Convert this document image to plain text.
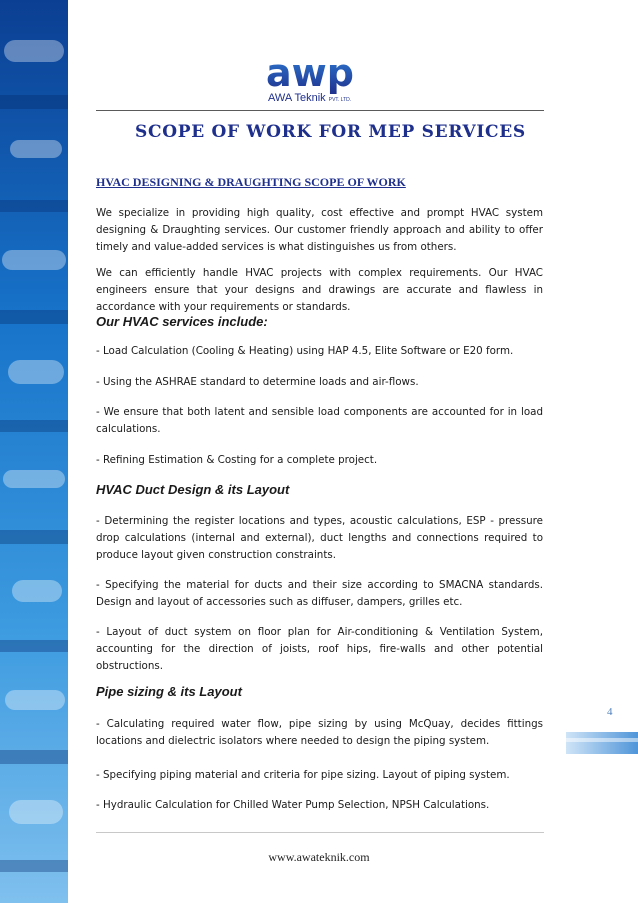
awp
AWA Teknik PVT. LTD.
SCOPE OF WORK FOR MEP SERVICES
HVAC DESIGNING & DRAUGHTING SCOPE OF WORK
We specialize in providing high quality, cost effective and prompt HVAC system designing & Draughting services. Our customer friendly approach and ability to offer timely and value-added services is what distinguishes us from others.
We can efficiently handle HVAC projects with complex requirements. Our HVAC engineers ensure that your designs and drawings are accurate and flawless in accordance with your requirements or standards.
Our HVAC services include:
- Load Calculation (Cooling & Heating) using HAP 4.5, Elite Software or E20 form.
- Using the ASHRAE standard to determine loads and air-flows.
- We ensure that both latent and sensible load components are accounted for in load calculations.
- Refining Estimation & Costing for a complete project.
HVAC Duct Design & its Layout
- Determining the register locations and types, acoustic calculations, ESP - pressure drop calculations (internal and external), duct lengths and connections required to produce layout given construction constraints.
- Specifying the material for ducts and their size according to SMACNA standards. Design and layout of accessories such as diffuser, dampers, grilles etc.
- Layout of duct system on floor plan for Air-conditioning & Ventilation System, accounting for the direction of joists, roof hips, fire-walls and other potential obstructions.
Pipe sizing & its Layout
- Calculating required water flow, pipe sizing by using McQuay, decides fittings locations and dielectric isolators where needed to design the piping system.
- Specifying piping material and criteria for pipe sizing. Layout of piping system.
- Hydraulic Calculation for Chilled Water Pump Selection, NPSH Calculations.
4
www.awateknik.com
